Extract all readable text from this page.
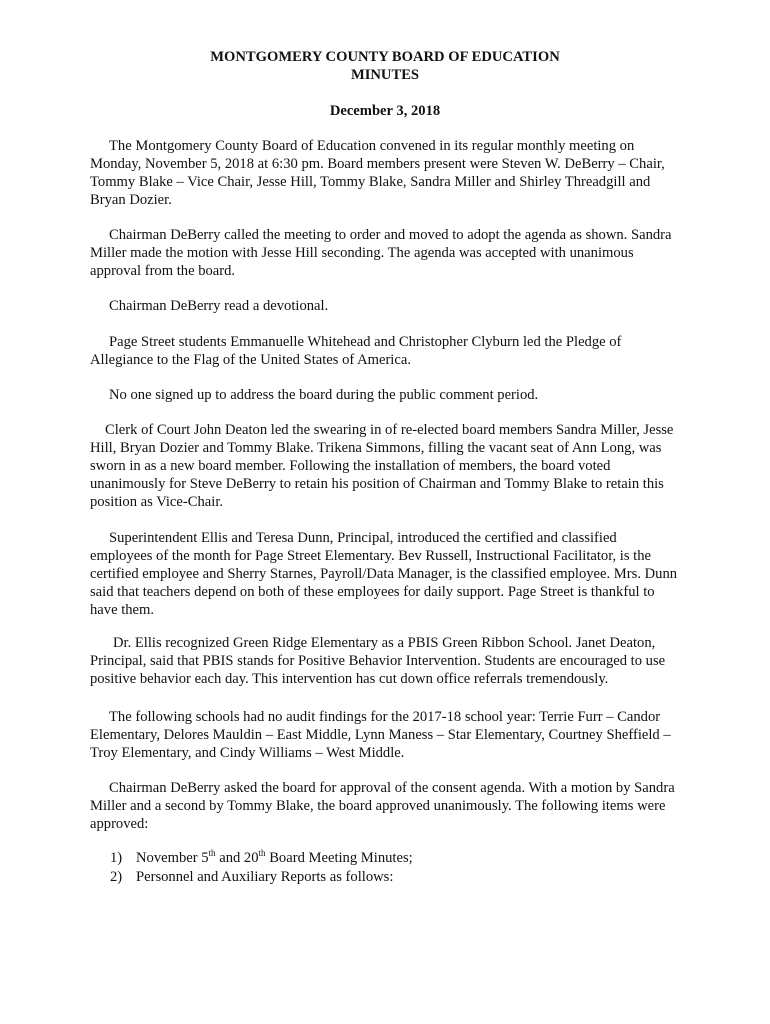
MONTGOMERY COUNTY BOARD OF EDUCATION
MINUTES
December 3, 2018

The Montgomery County Board of Education convened in its regular monthly meeting on Monday, November 5, 2018 at 6:30 pm. Board members present were Steven W. DeBerry – Chair, Tommy Blake – Vice Chair, Jesse Hill, Tommy Blake, Sandra Miller and Shirley Threadgill and Bryan Dozier.

Chairman DeBerry called the meeting to order and moved to adopt the agenda as shown. Sandra Miller made the motion with Jesse Hill seconding. The agenda was accepted with unanimous approval from the board.

Chairman DeBerry read a devotional.

Page Street students Emmanuelle Whitehead and Christopher Clyburn led the Pledge of Allegiance to the Flag of the United States of America.

No one signed up to address the board during the public comment period.

Clerk of Court John Deaton led the swearing in of re-elected board members Sandra Miller, Jesse Hill, Bryan Dozier and Tommy Blake. Trikena Simmons, filling the vacant seat of Ann Long, was sworn in as a new board member. Following the installation of members, the board voted unanimously for Steve DeBerry to retain his position of Chairman and Tommy Blake to retain this position as Vice-Chair.

Superintendent Ellis and Teresa Dunn, Principal, introduced the certified and classified employees of the month for Page Street Elementary. Bev Russell, Instructional Facilitator, is the certified employee and Sherry Starnes, Payroll/Data Manager, is the classified employee. Mrs. Dunn said that teachers depend on both of these employees for daily support. Page Street is thankful to have them.

Dr. Ellis recognized Green Ridge Elementary as a PBIS Green Ribbon School. Janet Deaton, Principal, said that PBIS stands for Positive Behavior Intervention. Students are encouraged to use positive behavior each day. This intervention has cut down office referrals tremendously.

The following schools had no audit findings for the 2017-18 school year: Terrie Furr – Candor Elementary, Delores Mauldin – East Middle, Lynn Maness – Star Elementary, Courtney Sheffield – Troy Elementary, and Cindy Williams – West Middle.

Chairman DeBerry asked the board for approval of the consent agenda. With a motion by Sandra Miller and a second by Tommy Blake, the board approved unanimously. The following items were approved:

1) November 5th and 20th Board Meeting Minutes;
2) Personnel and Auxiliary Reports as follows:
